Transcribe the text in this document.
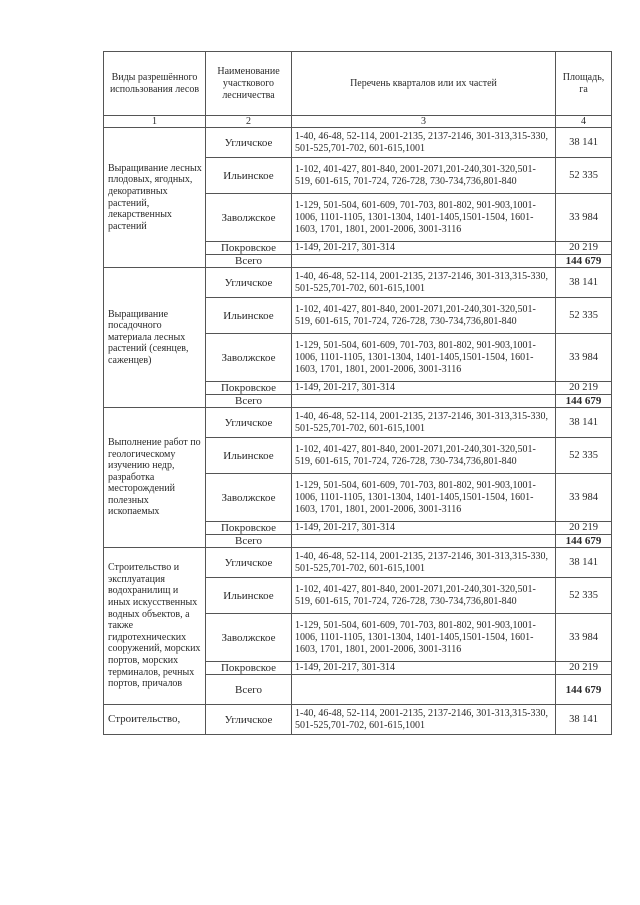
Виды разрешённого использования лесов	Наименование участкового лесничества	Перечень кварталов или их частей	Площадь, га
1	2	3	4
Выращивание лесных плодовых, ягодных, декоративных растений, лекарственных растений	Угличское	1-40, 46-48, 52-114, 2001-2135, 2137-2146, 301-313,315-330, 501-525,701-702, 601-615,1001	38 141
	Ильинское	1-102, 401-427, 801-840, 2001-2071,201-240,301-320,501-519, 601-615, 701-724, 726-728, 730-734,736,801-840	52 335
	Заволжское	1-129, 501-504, 601-609, 701-703, 801-802, 901-903,1001-1006, 1101-1105, 1301-1304, 1401-1405,1501-1504, 1601-1603, 1701, 1801, 2001-2006, 3001-3116	33 984
	Покровское	1-149, 201-217, 301-314	20 219
	Всего		144 679
Выращивание посадочного материала лесных растений (сеянцев, саженцев)	Угличское	1-40, 46-48, 52-114, 2001-2135, 2137-2146, 301-313,315-330, 501-525,701-702, 601-615,1001	38 141
	Ильинское	1-102, 401-427, 801-840, 2001-2071,201-240,301-320,501-519, 601-615, 701-724, 726-728, 730-734,736,801-840	52 335
	Заволжское	1-129, 501-504, 601-609, 701-703, 801-802, 901-903,1001-1006, 1101-1105, 1301-1304, 1401-1405,1501-1504, 1601-1603, 1701, 1801, 2001-2006, 3001-3116	33 984
	Покровское	1-149, 201-217, 301-314	20 219
	Всего		144 679
Выполнение работ по геологическому изучению недр, разработка месторождений полезных ископаемых	Угличское	1-40, 46-48, 52-114, 2001-2135, 2137-2146, 301-313,315-330, 501-525,701-702, 601-615,1001	38 141
	Ильинское	1-102, 401-427, 801-840, 2001-2071,201-240,301-320,501-519, 601-615, 701-724, 726-728, 730-734,736,801-840	52 335
	Заволжское	1-129, 501-504, 601-609, 701-703, 801-802, 901-903,1001-1006, 1101-1105, 1301-1304, 1401-1405,1501-1504, 1601-1603, 1701, 1801, 2001-2006, 3001-3116	33 984
	Покровское	1-149, 201-217, 301-314	20 219
	Всего		144 679
Строительство и эксплуатация водохранилищ и иных искусственных водных объектов, а также гидротехнических сооружений, морских портов, морских терминалов, речных портов, причалов	Угличское	1-40, 46-48, 52-114, 2001-2135, 2137-2146, 301-313,315-330, 501-525,701-702, 601-615,1001	38 141
	Ильинское	1-102, 401-427, 801-840, 2001-2071,201-240,301-320,501-519, 601-615, 701-724, 726-728, 730-734,736,801-840	52 335
	Заволжское	1-129, 501-504, 601-609, 701-703, 801-802, 901-903,1001-1006, 1101-1105, 1301-1304, 1401-1405,1501-1504, 1601-1603, 1701, 1801, 2001-2006, 3001-3116	33 984
	Покровское	1-149, 201-217, 301-314	20 219
	Всего		144 679
Строительство,	Угличское	1-40, 46-48, 52-114, 2001-2135, 2137-2146, 301-313,315-330, 501-525,701-702, 601-615,1001	38 141
